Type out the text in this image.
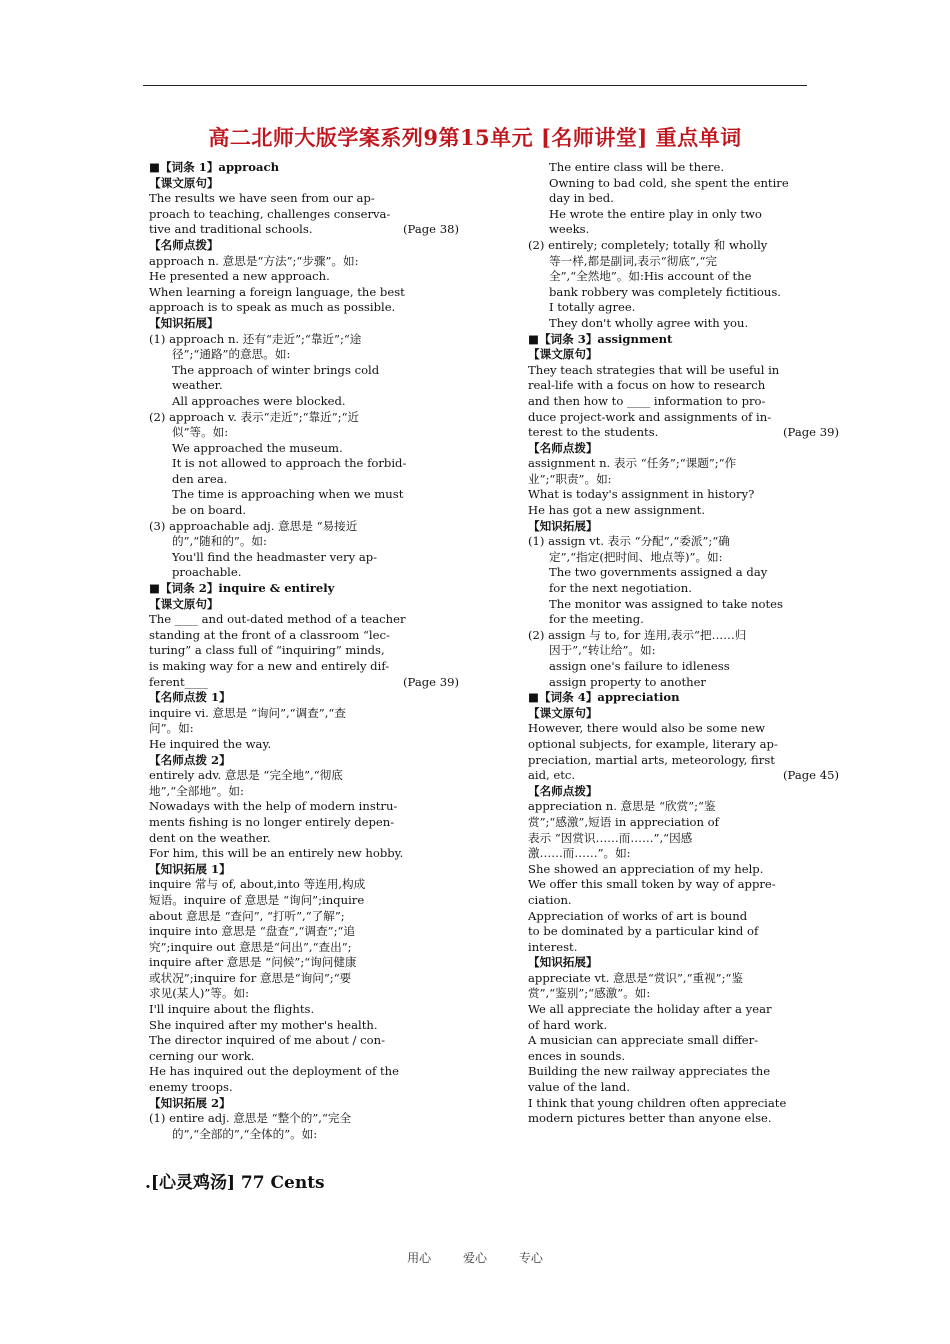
高二北师大版学案系列9第15单元 [名师讲堂] 重点单词
■【词条 1】approach
【课文原句】
The results we have seen from our ap-
proach to teaching, challenges conserva-
tive and traditional schools.	(Page 38)
【名师点拨】
approach n. 意思是“方法”;“步骤”。如:
He presented a new approach.
When learning a foreign language, the best
approach is to speak as much as possible.
【知识拓展】
(1) approach n. 还有“走近”;“靠近”;“途
径”;“通路”的意思。如:
The approach of winter brings cold
weather.
All approaches were blocked.
(2) approach v. 表示“走近”;“靠近”;“近
似”等。如:
We approached the museum.
It is not allowed to approach the forbid-
den area.
The time is approaching when we must
be on board.
(3) approachable adj. 意思是 “易接近
的”,“随和的”。如:
You'll find the headmaster very ap-
proachable.
■【词条 2】inquire & entirely
【课文原句】
The ____ and out-dated method of a teacher
standing at the front of a classroom “lec-
turing” a class full of “inquiring” minds,
is making way for a new and entirely dif-
ferent____	(Page 39)
【名师点拨 1】
inquire vi. 意思是 “询问”,“调查”,“查
问”。如:
He inquired the way.
【名师点拨 2】
entirely adv. 意思是 “完全地”,“彻底
地”,“全部地”。如:
Nowadays with the help of modern instru-
ments fishing is no longer entirely depen-
dent on the weather.
For him, this will be an entirely new hobby.
【知识拓展 1】
inquire 常与 of, about,into 等连用,构成
短语。inquire of 意思是 “询问”;inquire
about 意思是 “查问”, “打听”,“了解”;
inquire into 意思是 “盘查”,“调查”;“追
究”;inquire out 意思是“问出”,“查出”;
inquire after 意思是 “问候”;“询问健康
或状况”;inquire for 意思是“询问”;“要
求见(某人)”等。如:
I'll inquire about the flights.
She inquired after my mother's health.
The director inquired of me about / con-
cerning our work.
He has inquired out the deployment of the
enemy troops.
【知识拓展 2】
(1) entire adj. 意思是 “整个的”,“完全
的”,“全部的”,“全体的”。如:
The entire class will be there.
Owning to bad cold, she spent the entire
day in bed.
He wrote the entire play in only two
weeks.
(2) entirely; completely; totally 和 wholly
等一样,都是副词,表示“彻底”,“完
全”,“全然地”。如:His account of the
bank robbery was completely fictitious.
I totally agree.
They don't wholly agree with you.
■【词条 3】assignment
【课文原句】
They teach strategies that will be useful in
real-life with a focus on how to research
and then how to ____ information to pro-
duce project-work and assignments of in-
terest to the students.	(Page 39)
【名师点拨】
assignment n. 表示 “任务”;“课题”;“作
业”;“职责”。如:
What is today's assignment in history?
He has got a new assignment.
【知识拓展】
(1) assign vt. 表示 “分配”,“委派”;“确
定”,“指定(把时间、地点等)”。如:
The two governments assigned a day
for the next negotiation.
The monitor was assigned to take notes
for the meeting.
(2) assign 与 to, for 连用,表示“把……归
因于”,“转让给”。如:
assign one's failure to idleness
assign property to another
■【词条 4】appreciation
【课文原句】
However, there would also be some new
optional subjects, for example, literary ap-
preciation, martial arts, meteorology, first
aid, etc.	(Page 45)
【名师点拨】
appreciation n. 意思是 “欣赏”;“鉴
赏”;“感激”,短语 in appreciation of
表示 “因赏识……而……”,“因感
激……而……”。如:
She showed an appreciation of my help.
We offer this small token by way of appre-
ciation.
Appreciation of works of art is bound
to be dominated by a particular kind of
interest.
【知识拓展】
appreciate vt. 意思是“赏识”,“重视”;“鉴
赏”,“鉴别”;“感激”。如:
We all appreciate the holiday after a year
of hard work.
A musician can appreciate small differ-
ences in sounds.
Building the new railway appreciates the
value of the land.
I think that young children often appreciate
modern pictures better than anyone else.
.[心灵鸡汤] 77 Cents
用心	爱心	专心
